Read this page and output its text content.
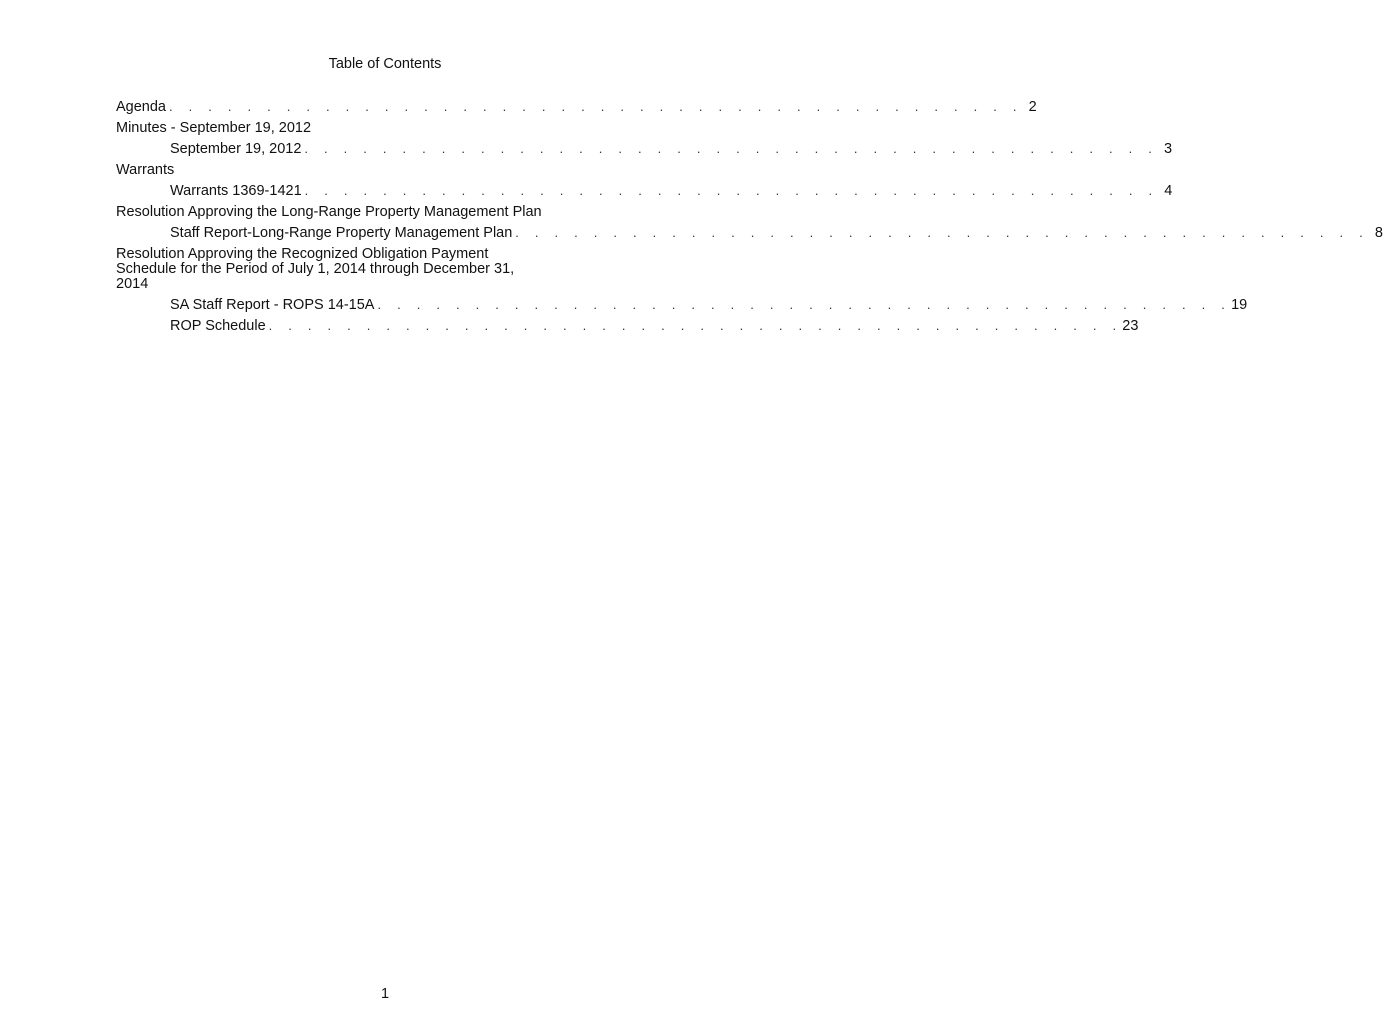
Table of Contents
Agenda . . . . . . . . . . . . . . . . . . . . . . . . . . . . . . . . . . . . . . . . . . . . 2
Minutes - September 19, 2012
September 19, 2012 . . . . . . . . . . . . . . . . . . . . . . . . . . . . . . . . . . . . . . . . . . . . 3
Warrants
Warrants 1369-1421 . . . . . . . . . . . . . . . . . . . . . . . . . . . . . . . . . . . . . . . . . . . . 4
Resolution Approving the Long-Range Property Management Plan
Staff Report-Long-Range Property Management Plan . . . . . . . . . . . . . . . . . . . . . . . . . . . . . . . . . . . . . . . . . . . . 8
Resolution Approving the Recognized Obligation Payment Schedule for the Period of July 1, 2014 through December 31, 2014
SA Staff Report - ROPS 14-15A . . . . . . . . . . . . . . . . . . . . . . . . . . . . . . . . . . . . . . . . . . . . 19
ROP Schedule . . . . . . . . . . . . . . . . . . . . . . . . . . . . . . . . . . . . . . . . . . . . 23
1
